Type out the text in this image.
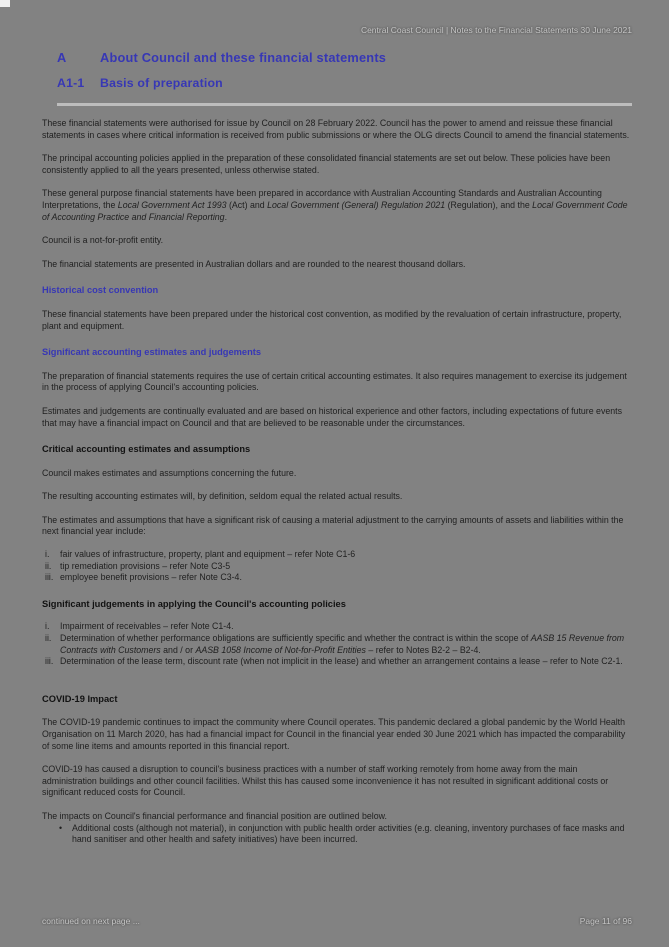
Central Coast Council | Notes to the Financial Statements 30 June 2021
A	About Council and these financial statements
A1-1	Basis of preparation

These financial statements were authorised for issue by Council on 28 February 2022. Council has the power to amend and reissue these financial statements in cases where critical information is received from public submissions or where the OLG directs Council to amend the financial statements.

The principal accounting policies applied in the preparation of these consolidated financial statements are set out below. These policies have been consistently applied to all the years presented, unless otherwise stated.

These general purpose financial statements have been prepared in accordance with Australian Accounting Standards and Australian Accounting Interpretations, the Local Government Act 1993 (Act) and Local Government (General) Regulation 2021 (Regulation), and the Local Government Code of Accounting Practice and Financial Reporting.

Council is a not-for-profit entity.

The financial statements are presented in Australian dollars and are rounded to the nearest thousand dollars.

Historical cost convention

These financial statements have been prepared under the historical cost convention, as modified by the revaluation of certain infrastructure, property, plant and equipment.

Significant accounting estimates and judgements

The preparation of financial statements requires the use of certain critical accounting estimates. It also requires management to exercise its judgement in the process of applying Council's accounting policies.

Estimates and judgements are continually evaluated and are based on historical experience and other factors, including expectations of future events that may have a financial impact on Council and that are believed to be reasonable under the circumstances.

Critical accounting estimates and assumptions

Council makes estimates and assumptions concerning the future.

The resulting accounting estimates will, by definition, seldom equal the related actual results.

The estimates and assumptions that have a significant risk of causing a material adjustment to the carrying amounts of assets and liabilities within the next financial year include:

i.	fair values of infrastructure, property, plant and equipment – refer Note C1-6
ii. tip remediation provisions – refer Note C3-5
iii. employee benefit provisions – refer Note C3-4.
Significant judgements in applying the Council's accounting policies
i.	Impairment of receivables – refer Note C1-4.
ii. Determination of whether performance obligations are sufficiently specific and whether the contract is within the scope of AASB 15 Revenue from Contracts with Customers and / or AASB 1058 Income of Not-for-Profit Entities – refer to Notes B2-2 – B2-4.
iii. Determination of the lease term, discount rate (when not implicit in the lease) and whether an arrangement contains a lease – refer to Note C2-1.
COVID-19 Impact

The COVID-19 pandemic continues to impact the community where Council operates. This pandemic declared a global pandemic by the World Health Organisation on 11 March 2020, has had a financial impact for Council in the financial year ended 30 June 2021 which has impacted the comparability of some line items and amounts reported in this financial report.

COVID-19 has caused a disruption to council's business practices with a number of staff working remotely from home away from the main administration buildings and other council facilities. Whilst this has caused some inconvenience it has not resulted in significant additional costs or significant reduced costs for Council.

The impacts on Council's financial performance and financial position are outlined below.

•	Additional costs (although not material), in conjunction with public health order activities (e.g. cleaning, inventory purchases of face masks and hand sanitiser and other health and safety initiatives) have been incurred.
continued on next page ...	Page 11 of 96
